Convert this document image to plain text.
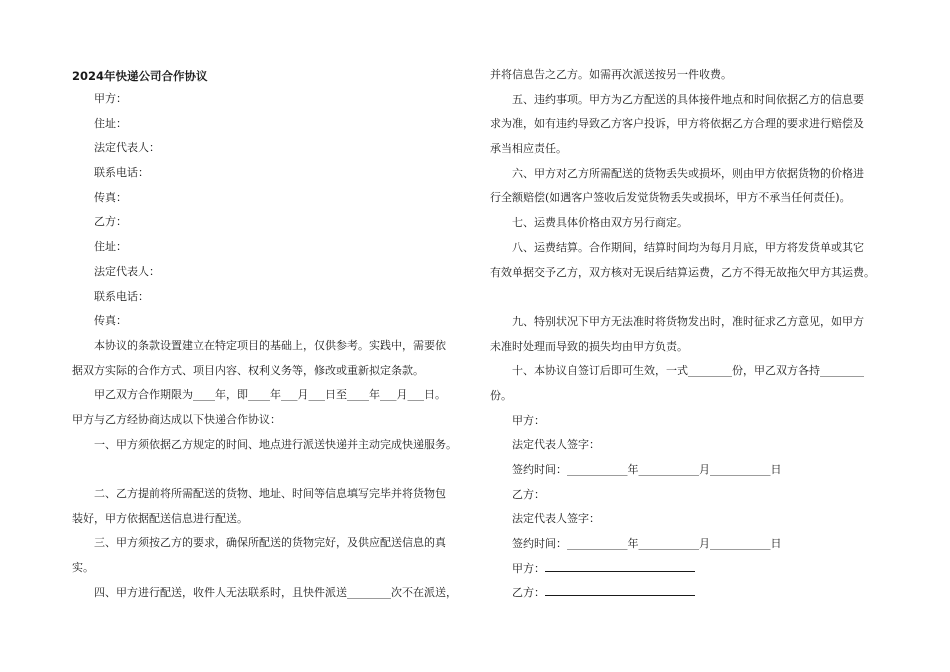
2024年快递公司合作协议
甲方：
住址：
法定代表人：
联系电话：
传真：
乙方：
住址：
法定代表人：
联系电话：
传真：
本协议的条款设置建立在特定项目的基础上，仅供参考。实践中，需要依
据双方实际的合作方式、项目内容、权利义务等，修改或重新拟定条款。
甲乙双方合作期限为____年，即____年___月___日至____年___月___日。
甲方与乙方经协商达成以下快递合作协议：
一、甲方须依据乙方规定的时间、地点进行派送快递并主动完成快递服务。
二、乙方提前将所需配送的货物、地址、时间等信息填写完毕并将货物包
装好，甲方依据配送信息进行配送。
三、甲方须按乙方的要求，确保所配送的货物完好，及供应配送信息的真
实。
四、甲方进行配送，收件人无法联系时，且快件派送________次不在派送，
并将信息告之乙方。如需再次派送按另一件收费。
五、违约事项。甲方为乙方配送的具体接件地点和时间依据乙方的信息要
求为准，如有违约导致乙方客户投诉，甲方将依据乙方合理的要求进行赔偿及
承当相应责任。
六、甲方对乙方所需配送的货物丢失或损坏，则由甲方依据货物的价格进
行全额赔偿(如遇客户签收后发觉货物丢失或损坏，甲方不承当任何责任)。
七、运费具体价格由双方另行商定。
八、运费结算。合作期间，结算时间均为每月月底，甲方将发货单或其它
有效单据交予乙方，双方核对无误后结算运费，乙方不得无故拖欠甲方其运费。
九、特别状况下甲方无法准时将货物发出时，准时征求乙方意见，如甲方
未准时处理而导致的损失均由甲方负责。
十、本协议自签订后即可生效，一式________份，甲乙双方各持________
份。
甲方：
法定代表人签字：
签约时间：___________年___________月___________日
乙方：
法定代表人签字：
签约时间：___________年___________月___________日
甲方：
乙方：
